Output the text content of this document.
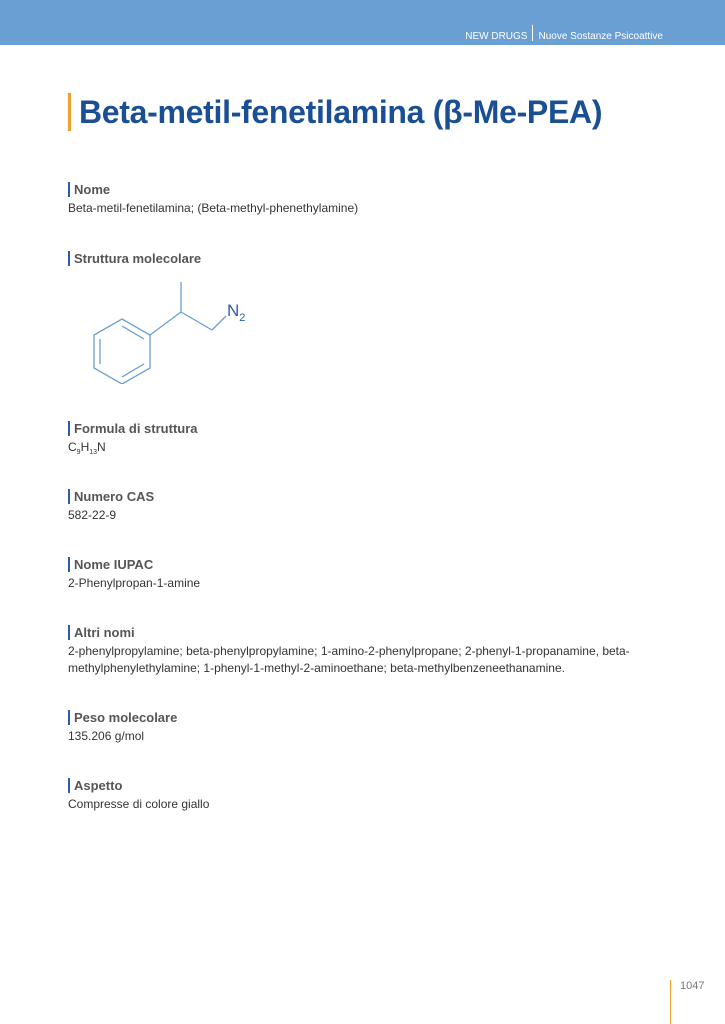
NEW DRUGS Nuove Sostanze Psicoattive
Beta-metil-fenetilamina (β-Me-PEA)
Nome
Beta-metil-fenetilamina; (Beta-methyl-phenethylamine)
Struttura molecolare
$N_2$
Formula di struttura
$C_9H_{13}N$
Numero CAS
582-22-9
Nome IUPAC
2-Phenylpropan-1-amine
Altri nomi
2-phenylpropylamine; beta-phenylpropylamine; 1-amino-2-phenylpropane; 2-phenyl-1-propanamine, beta-
methylphenylethylamine; 1-phenyl-1-methyl-2-aminoethane; beta-methylbenzeneethanamine.
Peso molecolare
135.206 g/mol
Aspetto
Compresse di colore giallo
1047
